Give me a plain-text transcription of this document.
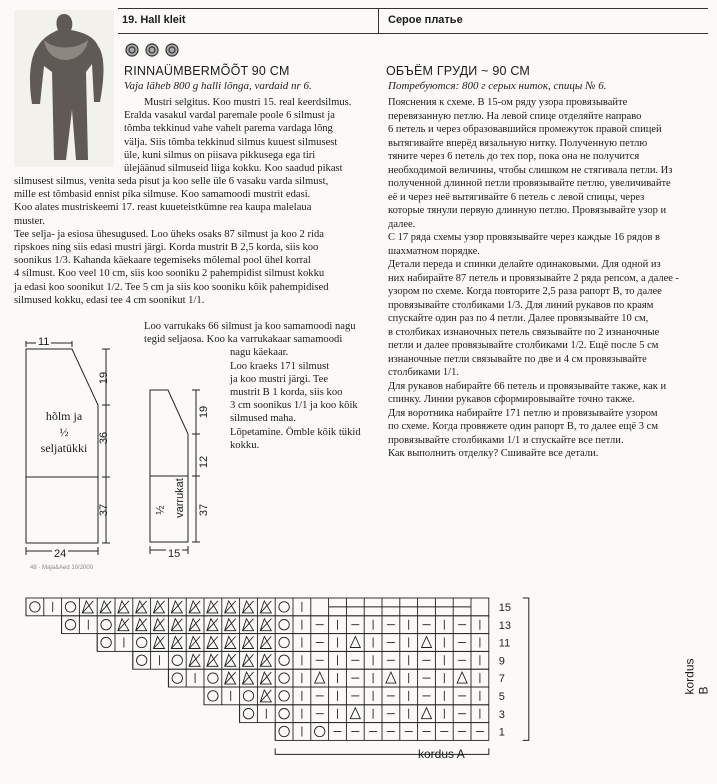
19. Hall kleit	Серое платье
RINNAÜMBERMÕÕT 90 CM
Vaja läheb 800 g halli lõnga, vardaid nr 6.

Mustri selgitus. Koo mustri 15. real keerdsilmus.

Eralda vasakul vardal paremale poole 6 silmust ja

tõmba tekkinud vahe vahelt parema vardaga lõng

välja. Siis tõmba tekkinud silmus kuuest silmusest

üle, kuni silmus on piisava pikkusega ega tiri

ülejäänud silmuseid liiga kokku. Koo saadud pikast

silmusest silmus, venita seda pisut ja koo selle üle 6 vasaku varda silmust,

mille est tõmbasid ennist pika silmuse. Koo samamoodi mustrit edasi.

Koo alates mustriskeemi 17. reast kuueteistkümne rea kaupa malelaua

muster.

Tee selja- ja esiosa ühesugused. Loo üheks osaks 87 silmust ja koo 2 rida

ripskoes ning siis edasi mustri järgi. Korda mustrit B 2,5 korda, siis koo

soonikus 1/3. Kahanda käekaare tegemiseks mõlemal pool ühel korral

4 silmust. Koo veel 10 cm, siis koo sooniku 2 pahempidist silmust kokku

ja edasi koo soonikut 1/2. Tee 5 cm ja siis koo sooniku kõik pahempidised

silmused kokku, edasi tee 4 cm soonikut 1/1.

Loo varrukaks 66 silmust ja koo samamoodi nagu

tegid seljaosa. Koo ka varrukakaar samamoodi

nagu käekaar.

Loo kraeks 171 silmust

ja koo mustri järgi. Tee

mustrit B 1 korda, siis koo

3 cm soonikus 1/1 ja koo kõik

silmused maha.

Lõpetamine. Ömble kõik tükid

kokku.

ОБЪЁМ ГРУДИ ~ 90 СМ
Потребуются: 800 г серых ниток, спицы № 6.

Пояснения к схеме. В 15-ом ряду узора провязывайте

перевязанную петлю. На левой спице отделяйте направо

6 петель и через образовавшийся промежуток правой спицей

вытягивайте вперёд вязальную нитку. Полученную петлю

тяните через 6 петель до тех пор, пока она не получится

необходимой величины, чтобы слишком не стягивала петли. Из

полученной длинной петли провязывайте петлю, увеличивайте

её и через неё вытягивайте 6 петель с левой спицы, через

которые тянули первую длинную петлю. Провязывайте узор и

далее.

С 17 ряда схемы узор провязывайте через каждые 16 рядов в

шахматном порядке.

Детали переда и спинки делайте одинаковыми. Для одной из

них набирайте 87 петель и провязывайте 2 ряда репсом, а далее -

узором по схеме. Когда повторите 2,5 раза рапорт В, то далее

провязывайте столбиками 1/3. Для линий рукавов по краям

спускайте один раз по 4 петли. Далее провязывайте 10 см,

в столбиках изнаночных петель связывайте по 2 изнаночные

петли и далее провязывайте столбиками 1/2. Ещё после 5 см

изнаночные петли связывайте по две и 4 см провязывайте

столбиками 1/1.

Для рукавов набирайте 66 петель и провязывайте также, как и

спинку. Линии рукавов сформировывайте точно также.

Для воротника набирайте 171 петлю и провязывайте узором

по схеме. Когда провяжете один рапорт В, то далее ещё 3 см

провязывайте столбиками 1/1 и спускайте все петли.

Как выполнить отделку? Сшивайте все детали.

11
19
36
37
24

hõlm ja

½

seljatükki

19
12
37
15
½ varrukat
48 · Maja&Aed 10/2000
15
13
11
9
7
5
3
1
kordus A
kordus B
